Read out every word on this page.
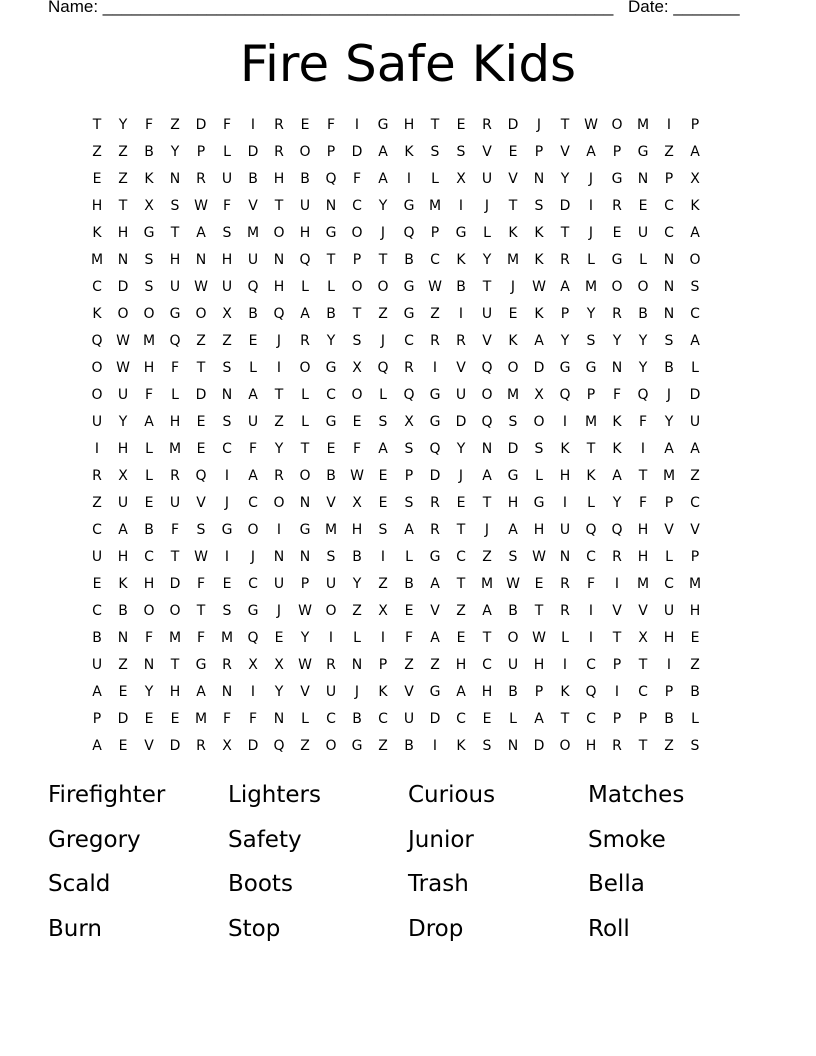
Name: ______________________________________________________ Date: _______
Fire Safe Kids
T	Y	F	Z	D	F	I	R	E	F	I	G	H	T	E	R	D	J	T	W O	M	I	P
Z	Z	B	Y	P	L	D	R	O	P	D	A	K	S	S	V	E	P	V	A	P	G	Z	A
E	Z	K	N	R	U	B	H	B	Q	F	A	I	L	X	U	V	N	Y	J	G	N	P	X
H	T	X	S	W	F	V	T	U	N	C	Y	G	M	I	J	T	S	D	I	R	E	C	K
K	H	G	T	A	S	M	O	H	G	O	J	Q	P	G	L	K	K	T	J	E	U	C	A
M	N	S	H	N	H	U	N	Q	T	P	T	B	C	K	Y	M	K	R	L	G	L	N	O
C	D	S	U W U	Q	H	L	L	O	O	G W	B	T	J	W	A	M	O	O	N	S
K	O	O	G	O	X	B	Q	A	B	T	Z	G	Z	I	U	E	K	P	Y	R	B	N	C
Q W M	Q	Z	Z	E	J	R	Y	S	J	C	R	R	V	K	A	Y	S	Y	Y	S	A
O W H	F	T	S	L	I	O	G	X	Q	R	I	V	Q	O	D	G	G	N	Y	B	L
O	U	F	L	D	N	A	T	L	C	O	L	Q	G	U	O	M	X	Q	P	F	Q	J	D
U	Y	A	H	E	S	U	Z	L	G	E	S	X	G	D	Q	S	O	I	M	K	F	Y	U
I	H	L	M	E	C	F	Y	T	E	F	A	S	Q	Y	N	D	S	K	T	K	I	A	A
R	X	L	R	Q	I	A	R	O	B	W	E	P	D	J	A	G	L	H	K	A	T	M	Z
Z	U	E	U	V	J	C	O	N	V	X	E	S	R	E	T	H	G	I	L	Y	F	P	C
C	A	B	F	S	G	O	I	G	M	H	S	A	R	T	J	A	H	U	Q	Q	H	V	V
U	H	C	T	W	I	J	N	N	S	B	I	L	G	C	Z	S	W N	C	R	H	L	P
E	K	H	D	F	E	C	U	P	U	Y	Z	B	A	T	M W	E	R	F	I	M	C	M
C	B	O	O	T	S	G	J	W O	Z	X	E	V	Z	A	B	T	R	I	V	V	U	H
B	N	F	M	F	M	Q	E	Y	I	L	I	F	A	E	T	O W	L	I	T	X	H	E
U	Z	N	T	G	R	X	X	W	R	N	P	Z	Z	H	C	U	H	I	C	P	T	I	Z
A	E	Y	H	A	N	I	Y	V	U	J	K	V	G	A	H	B	P	K	Q	I	C	P	B
P	D	E	E	M	F	F	N	L	C	B	C	U	D	C	E	L	A	T	C	P	P	B	L
A	E	V	D	R	X	D	Q	Z	O	G	Z	B	I	K	S	N	D	O	H	R	T	Z	S
Firefighter	Lighters	Curious	Matches
Gregory	Safety	Junior	Smoke
Scald	Boots	Trash	Bella
Burn	Stop	Drop	Roll
